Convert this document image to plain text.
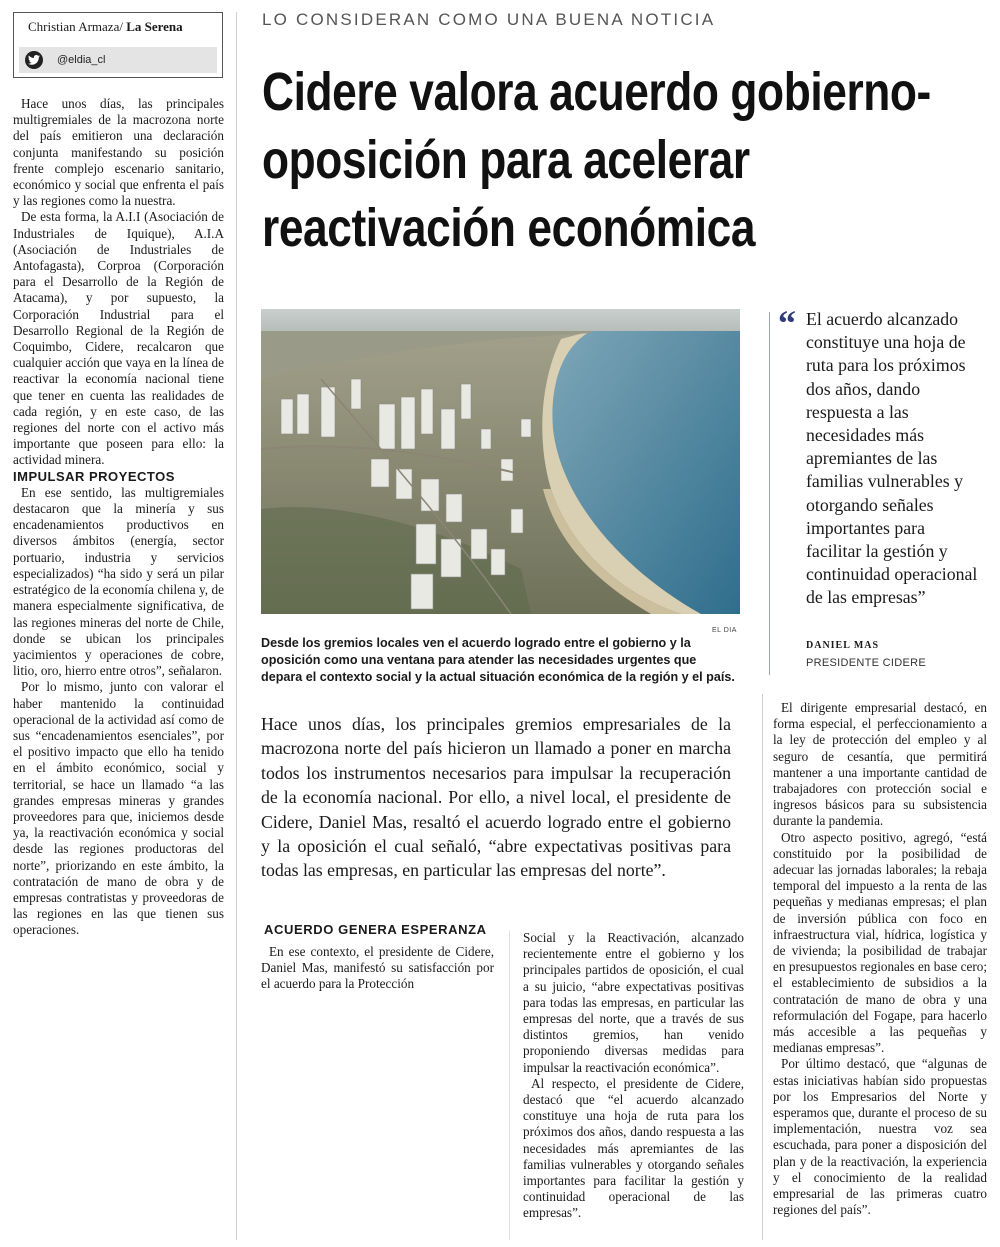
Christian Armaza/ La Serena
@eldia_cl

Hace unos días, las principales multigremiales de la macrozona norte del país emitieron una declaración conjunta manifestando su posición frente complejo escenario sanitario, económico y social que enfrenta el país y las regiones como la nuestra.

De esta forma, la A.I.I (Asociación de Industriales de Iquique), A.I.A (Asociación de Industriales de Antofagasta), Corproa (Corporación para el Desarrollo de la Región de Atacama), y por supuesto, la Corporación Industrial para el Desarrollo Regional de la Región de Coquimbo, Cidere, recalcaron que cualquier acción que vaya en la línea de reactivar la economía nacional tiene que tener en cuenta las realidades de cada región, y en este caso, de las regiones del norte con el activo más importante que poseen para ello: la actividad minera.

IMPULSAR PROYECTOS

En ese sentido, las multigremiales destacaron que la minería y sus encadenamientos productivos en diversos ámbitos (energía, sector portuario, industria y servicios especializados) “ha sido y será un pilar estratégico de la economía chilena y, de manera especialmente significativa, de las regiones mineras del norte de Chile, donde se ubican los principales yacimientos y operaciones de cobre, litio, oro, hierro entre otros”, señalaron.

Por lo mismo, junto con valorar el haber mantenido la continuidad operacional de la actividad así como de sus “encadenamientos esenciales”, por el positivo impacto que ello ha tenido en el ámbito económico, social y territorial, se hace un llamado “a las grandes empresas mineras y grandes proveedores para que, iniciemos desde ya, la reactivación económica y social desde las regiones productoras del norte”, priorizando en este ámbito, la contratación de mano de obra y de empresas contratistas y proveedoras de las regiones en las que tienen sus operaciones.

LO CONSIDERAN COMO UNA BUENA NOTICIA
Cidere valora acuerdo gobierno-
oposición para acelerar
reactivación económica
EL DIA
Desde los gremios locales ven el acuerdo logrado entre el gobierno y la oposición como una ventana para atender las necesidades urgentes que depara el contexto social y la actual situación económica de la región y el país.
“ El acuerdo alcanzado constituye una hoja de ruta para los próximos dos años, dando respuesta a las necesidades más apremiantes de las familias vulnerables y otorgando señales importantes para facilitar la gestión y continuidad operacional de las empresas”
DANIEL MAS
PRESIDENTE CIDERE
Hace unos días, los principales gremios empresariales de la macrozona norte del país hicieron un llamado a poner en marcha todos los instrumentos necesarios para impulsar la recuperación de la economía nacional. Por ello, a nivel local, el presidente de Cidere, Daniel Mas, resaltó el acuerdo logrado entre el gobierno y la oposición el cual señaló, “abre expectativas positivas para todas las empresas, en particular las empresas del norte”.
ACUERDO GENERA ESPERANZA

En ese contexto, el presidente de Cidere, Daniel Mas, manifestó su satisfacción por el acuerdo para la Protección

Social y la Reactivación, alcanzado recientemente entre el gobierno y los principales partidos de oposición, el cual a su juicio, “abre expectativas positivas para todas las empresas, en particular las empresas del norte, que a través de sus distintos gremios, han venido proponiendo diversas medidas para impulsar la reactivación económica”.

Al respecto, el presidente de Cidere, destacó que “el acuerdo alcanzado constituye una hoja de ruta para los próximos dos años, dando respuesta a las necesidades más apremiantes de las familias vulnerables y otorgando señales importantes para facilitar la gestión y continuidad operacional de las empresas”.

El dirigente empresarial destacó, en forma especial, el perfeccionamiento a la ley de protección del empleo y al seguro de cesantía, que permitirá mantener a una importante cantidad de trabajadores con protección social e ingresos básicos para su subsistencia durante la pandemia.

Otro aspecto positivo, agregó, “está constituido por la posibilidad de adecuar las jornadas laborales; la rebaja temporal del impuesto a la renta de las pequeñas y medianas empresas; el plan de inversión pública con foco en infraestructura vial, hídrica, logística y de vivienda; la posibilidad de trabajar en presupuestos regionales en base cero; el establecimiento de subsidios a la contratación de mano de obra y una reformulación del Fogape, para hacerlo más accesible a las pequeñas y medianas empresas”.

Por último destacó, que “algunas de estas iniciativas habían sido propuestas por los Empresarios del Norte y esperamos que, durante el proceso de su implementación, nuestra voz sea escuchada, para poner a disposición del plan y de la reactivación, la experiencia y el conocimiento de la realidad empresarial de las primeras cuatro regiones del país”.
